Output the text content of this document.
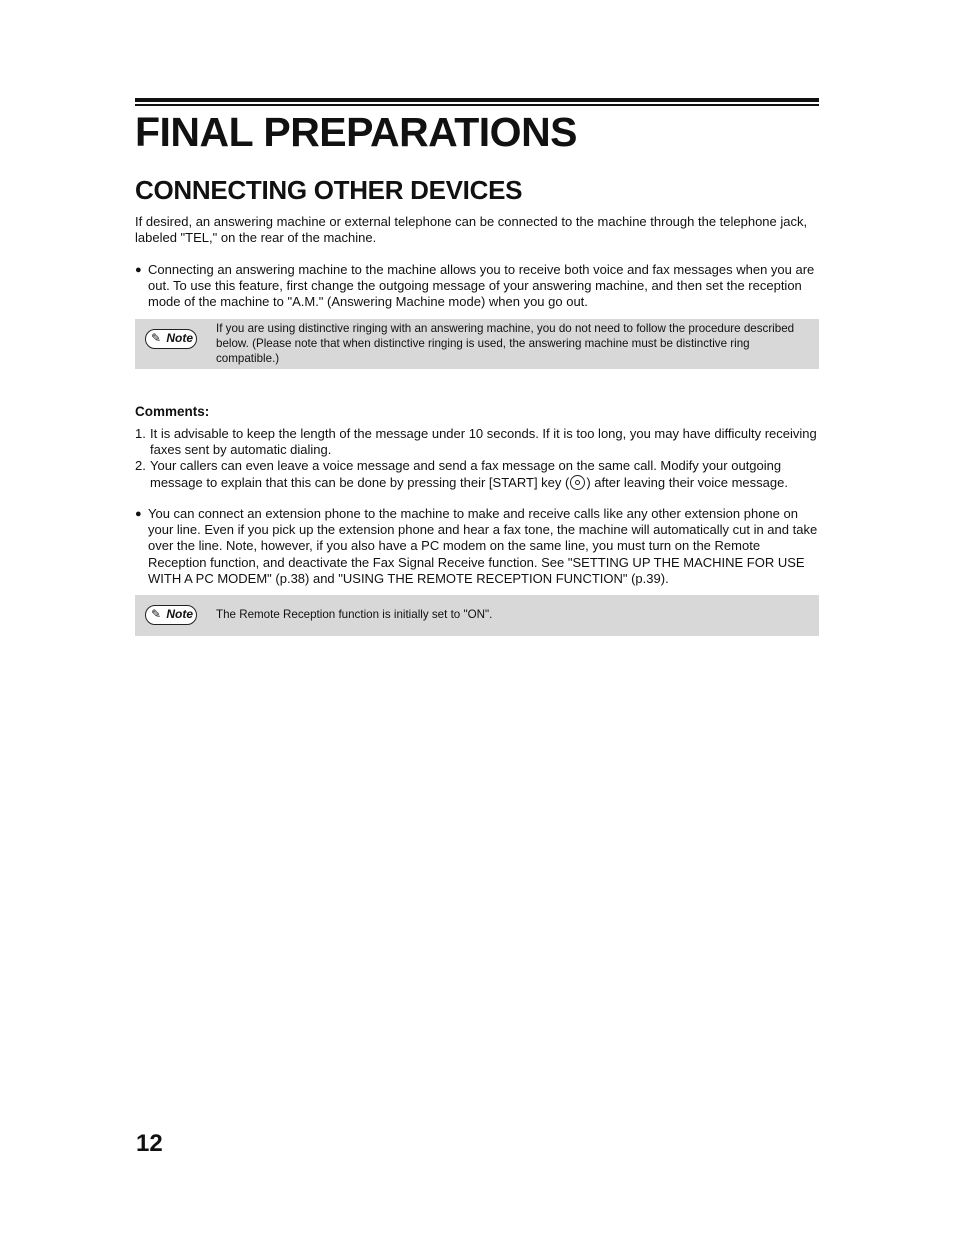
FINAL PREPARATIONS
CONNECTING OTHER DEVICES

If desired, an answering machine or external telephone can be connected to the machine through the telephone jack, labeled "TEL," on the rear of the machine.

● Connecting an answering machine to the machine allows you to receive both voice and fax messages when you are out. To use this feature, first change the outgoing message of your answering machine, and then set the reception mode of the machine to "A.M." (Answering Machine mode) when you go out.
✎ Note
If you are using distinctive ringing with an answering machine, you do not need to follow the procedure described below. (Please note that when distinctive ringing is used, the answering machine must be distinctive ring compatible.)
Comments:
1. It is advisable to keep the length of the message under 10 seconds. If it is too long, you may have difficulty receiving faxes sent by automatic dialing.
2. Your callers can even leave a voice message and send a fax message on the same call. Modify your outgoing message to explain that this can be done by pressing their [START] key ( ) after leaving their voice message.
● You can connect an extension phone to the machine to make and receive calls like any other extension phone on your line. Even if you pick up the extension phone and hear a fax tone, the machine will automatically cut in and take over the line. Note, however, if you also have a PC modem on the same line, you must turn on the Remote Reception function, and deactivate the Fax Signal Receive function. See "SETTING UP THE MACHINE FOR USE WITH A PC MODEM" (p.38) and "USING THE REMOTE RECEPTION FUNCTION" (p.39).
✎ Note	The Remote Reception function is initially set to "ON".
12
